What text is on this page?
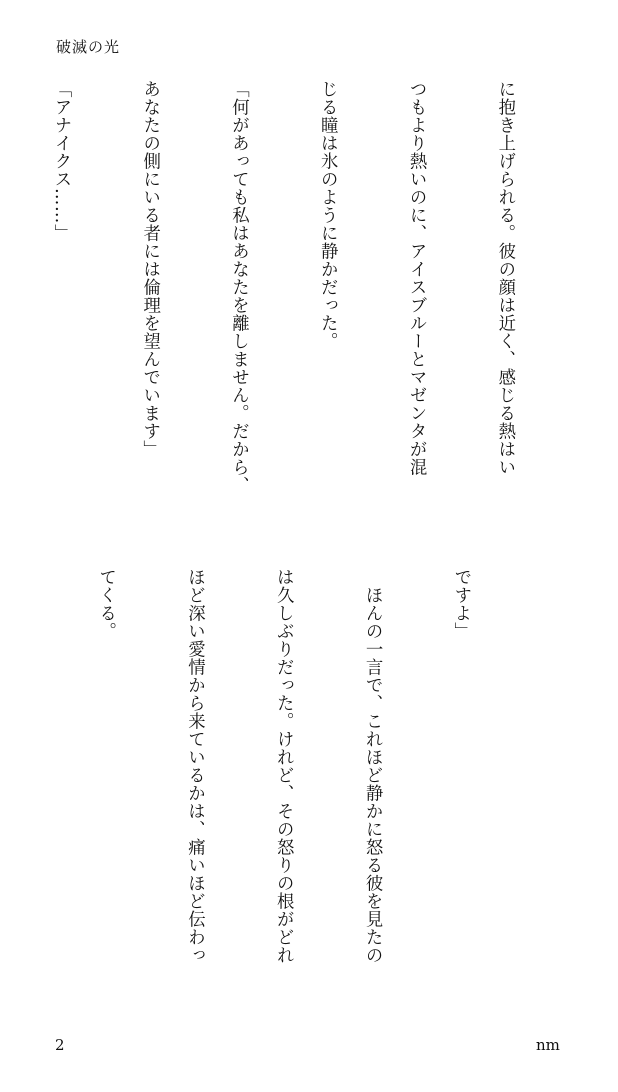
破滅の光

に抱き上げられる。彼の顔は近く、感じる熱はい

つもより熱いのに、アイスブルーとマゼンタが混

じる瞳は氷のように静かだった。

「何があっても私はあなたを離しません。だから、

あなたの側にいる者には倫理を望んでいます」

「アナイクス……」

ですよ」

　ほんの一言で、これほど静かに怒る彼を見たの

は久しぶりだった。けれど、その怒りの根がどれ

ほど深い愛情から来ているかは、痛いほど伝わっ

てくる。

2	nm
